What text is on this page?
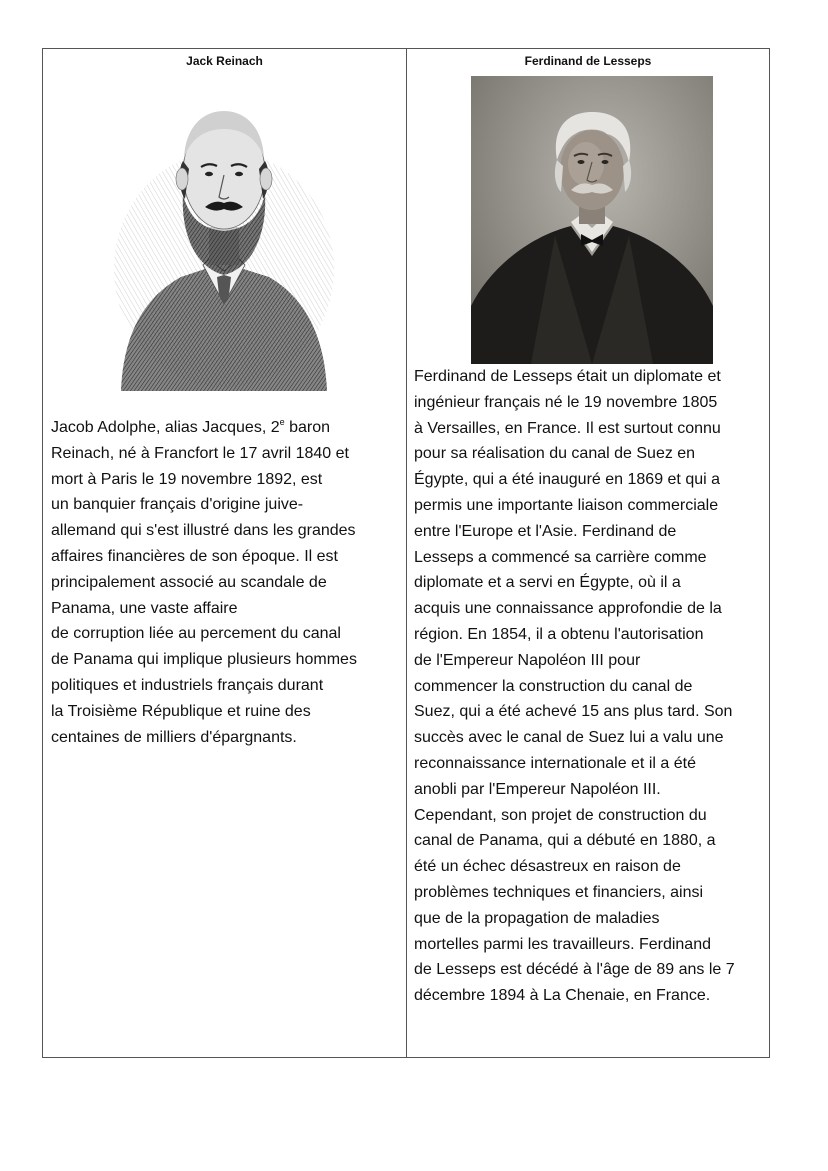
Jack Reinach

Jacob Adolphe, alias Jacques, 2e baron
Reinach, né à Francfort le 17 avril 1840 et
mort à Paris le 19 novembre 1892, est
un banquier français d'origine juive-
allemand qui s'est illustré dans les grandes
affaires financières de son époque. Il est
principalement associé au scandale de
Panama, une vaste affaire
de corruption liée au percement du canal
de Panama qui implique plusieurs hommes
politiques et industriels français durant
la Troisième République et ruine des
centaines de milliers d'épargnants.

Ferdinand de Lesseps

Ferdinand de Lesseps était un diplomate et
ingénieur français né le 19 novembre 1805
à Versailles, en France. Il est surtout connu
pour sa réalisation du canal de Suez en
Égypte, qui a été inauguré en 1869 et qui a
permis une importante liaison commerciale
entre l'Europe et l'Asie. Ferdinand de
Lesseps a commencé sa carrière comme
diplomate et a servi en Égypte, où il a
acquis une connaissance approfondie de la
région. En 1854, il a obtenu l'autorisation
de l'Empereur Napoléon III pour
commencer la construction du canal de
Suez, qui a été achevé 15 ans plus tard. Son
succès avec le canal de Suez lui a valu une
reconnaissance internationale et il a été
anobli par l'Empereur Napoléon III.
Cependant, son projet de construction du
canal de Panama, qui a débuté en 1880, a
été un échec désastreux en raison de
problèmes techniques et financiers, ainsi
que de la propagation de maladies
mortelles parmi les travailleurs. Ferdinand
de Lesseps est décédé à l'âge de 89 ans le 7
décembre 1894 à La Chenaie, en France.
